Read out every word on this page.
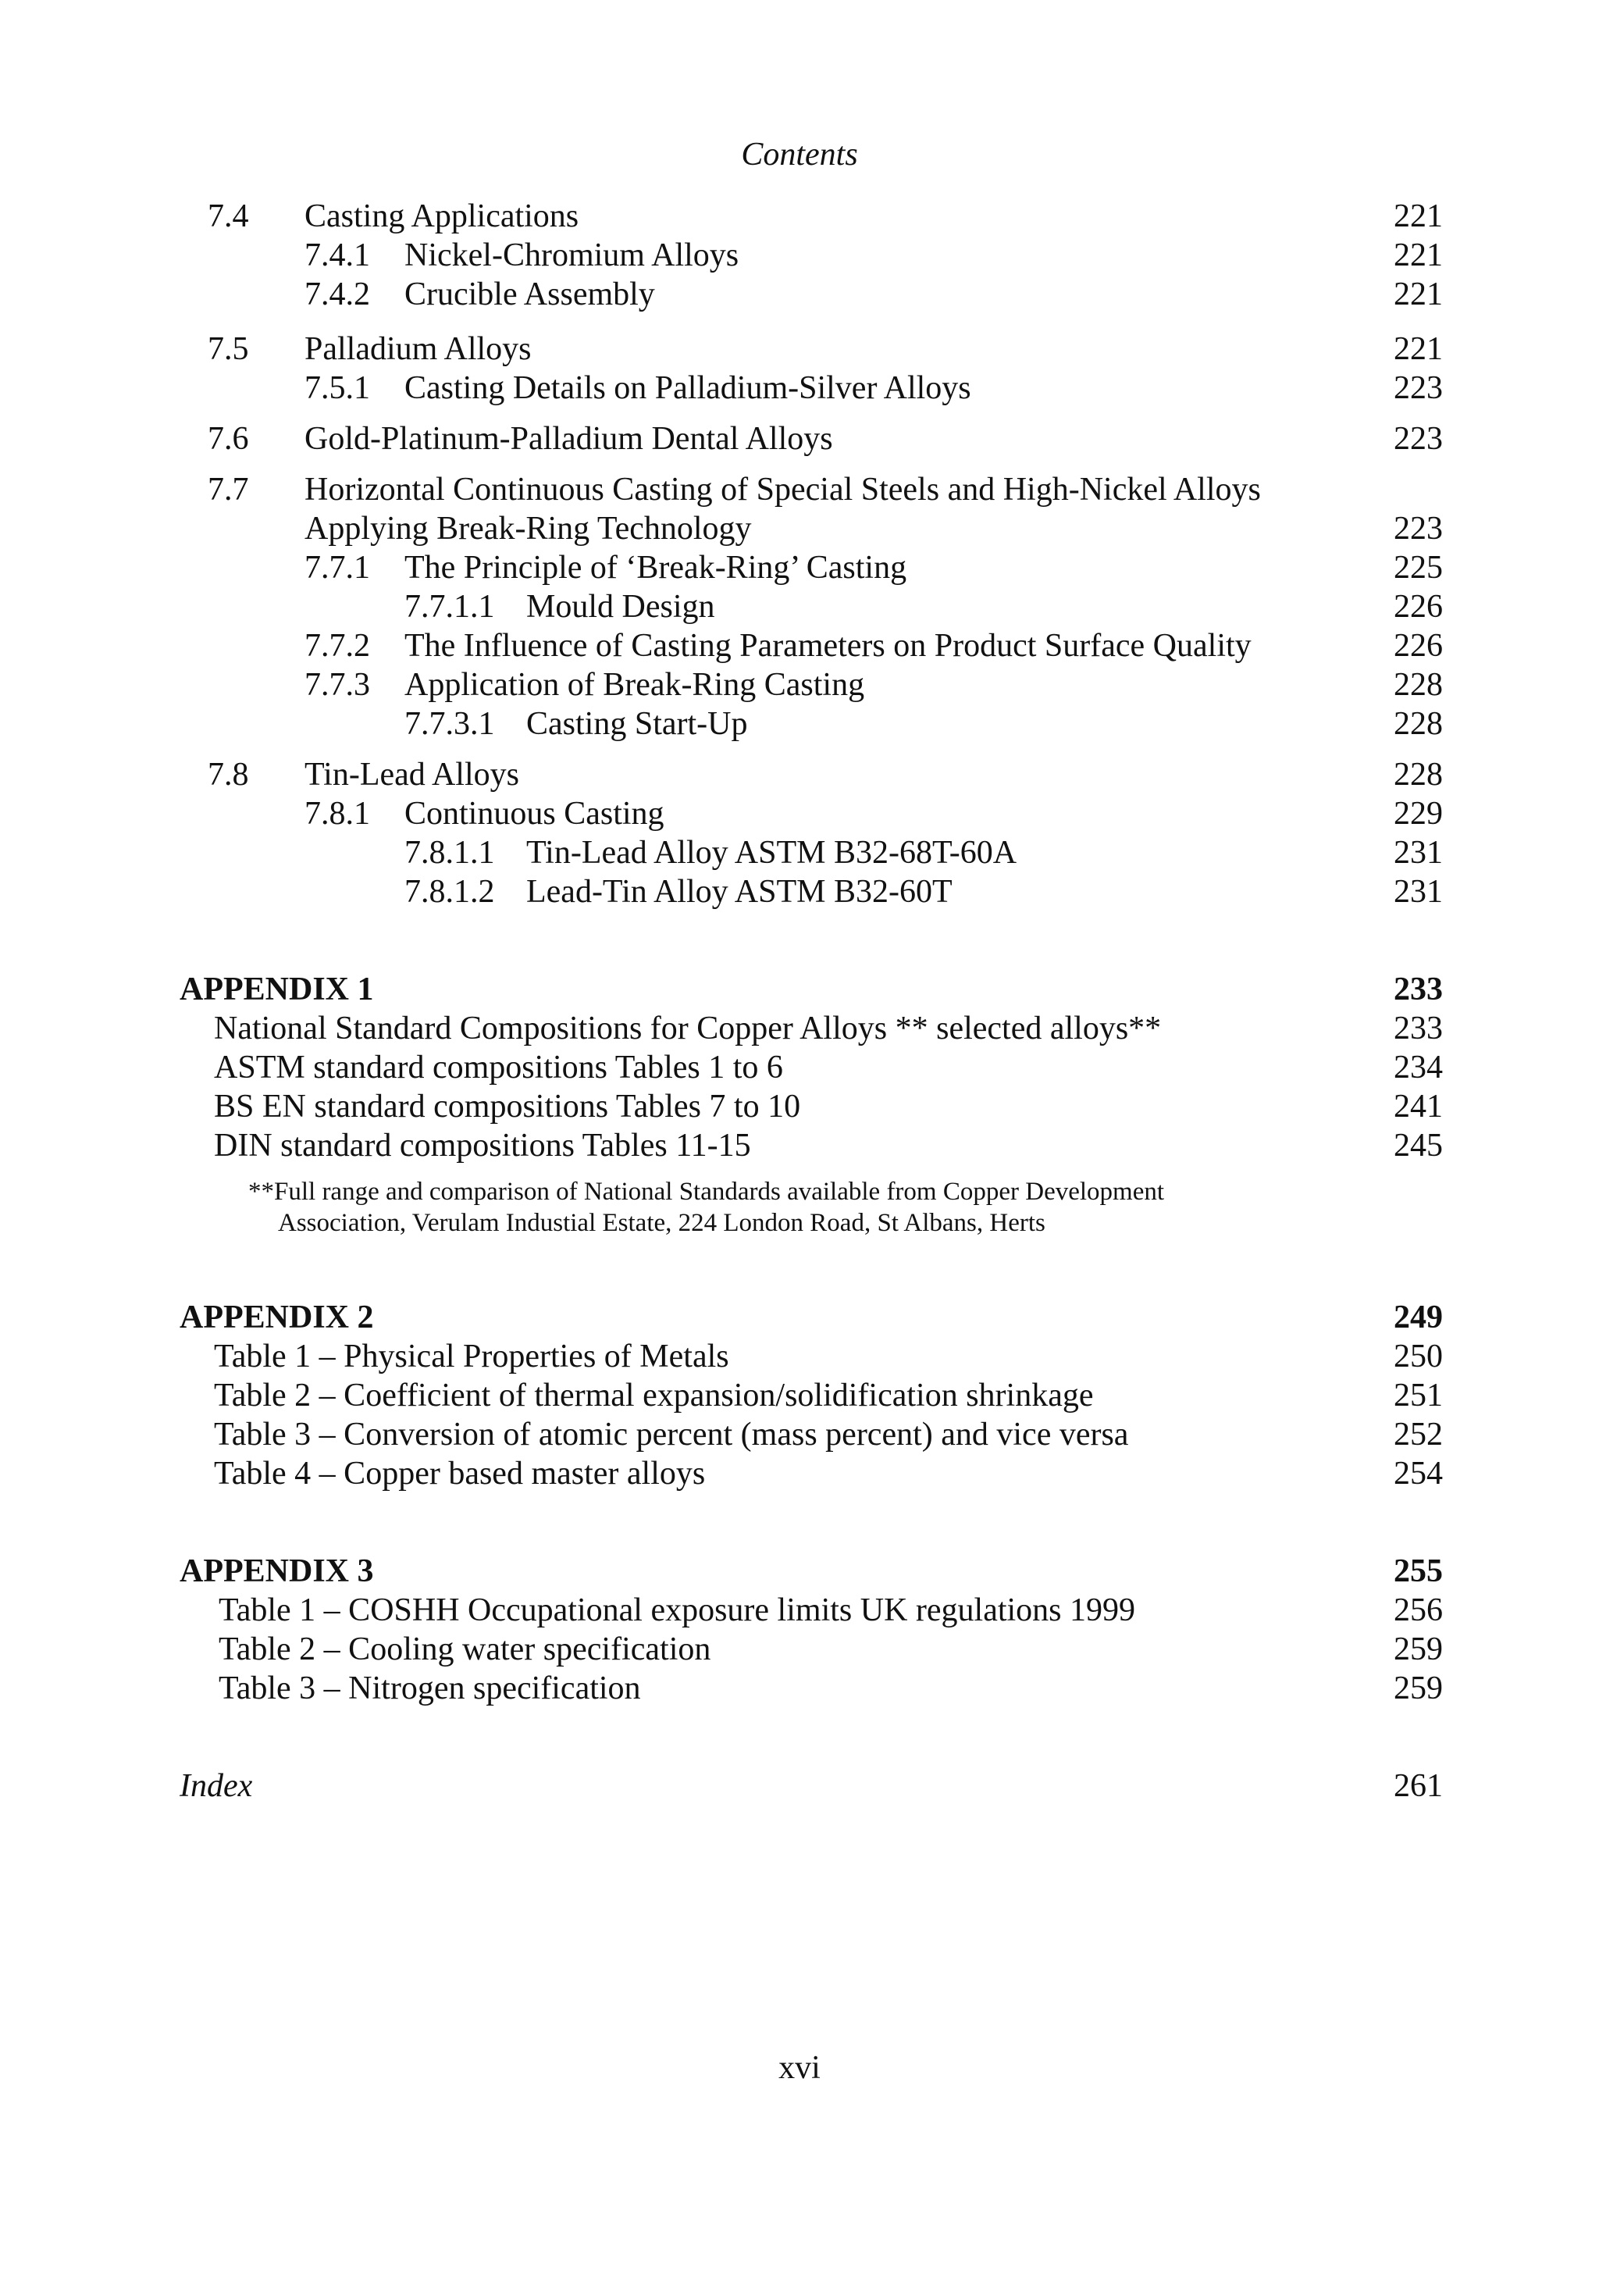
Contents
7.4 Casting Applications	221
7.4.1 Nickel-Chromium Alloys	221
7.4.2 Crucible Assembly	221
7.5 Palladium Alloys	221
7.5.1 Casting Details on Palladium-Silver Alloys	223
7.6 Gold-Platinum-Palladium Dental Alloys	223
7.7 Horizontal Continuous Casting of Special Steels and High-Nickel Alloys
Applying Break-Ring Technology	223
7.7.1 The Principle of ‘Break-Ring’ Casting	225
7.7.1.1 Mould Design	226
7.7.2 The Influence of Casting Parameters on Product Surface Quality	226
7.7.3 Application of Break-Ring Casting	228
7.7.3.1 Casting Start-Up	228
7.8 Tin-Lead Alloys	228
7.8.1 Continuous Casting	229
7.8.1.1 Tin-Lead Alloy ASTM B32-68T-60A	231
7.8.1.2 Lead-Tin Alloy ASTM B32-60T	231
APPENDIX 1	233
National Standard Compositions for Copper Alloys ** selected alloys**	233
ASTM standard compositions Tables 1 to 6	234
BS EN standard compositions Tables 7 to 10	241
DIN standard compositions Tables 11-15	245
**Full range and comparison of National Standards available from Copper Development
Association, Verulam Industial Estate, 224 London Road, St Albans, Herts
APPENDIX 2	249
Table 1 – Physical Properties of Metals	250
Table 2 – Coefficient of thermal expansion/solidification shrinkage	251
Table 3 – Conversion of atomic percent (mass percent) and vice versa	252
Table 4 – Copper based master alloys	254
APPENDIX 3	255
Table 1 – COSHH Occupational exposure limits UK regulations 1999	256
Table 2 – Cooling water specification	259
Table 3 – Nitrogen specification	259
Index	261
xvi
